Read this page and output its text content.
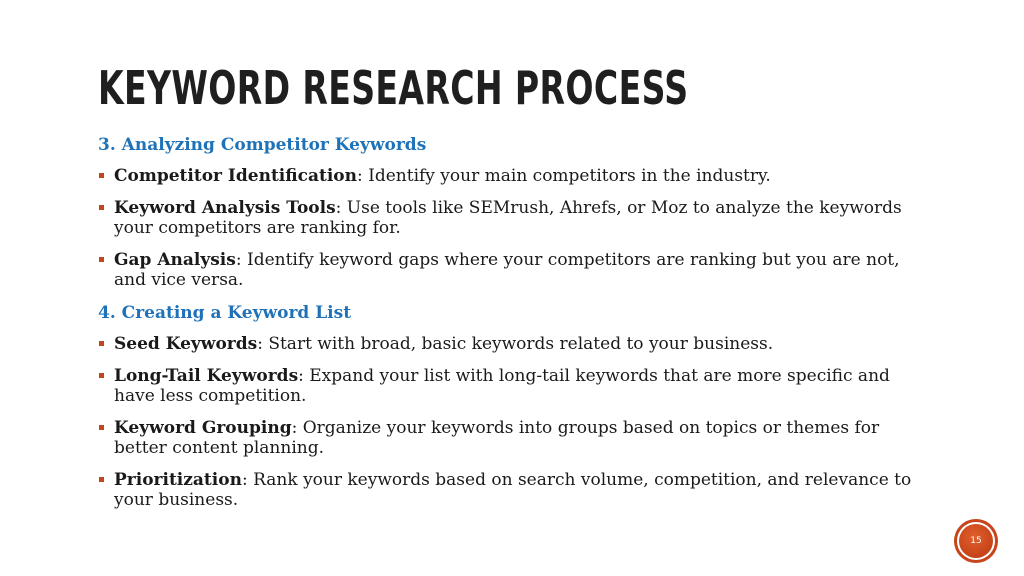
KEYWORD RESEARCH PROCESS
3. Analyzing Competitor Keywords
Competitor Identification: Identify your main competitors in the industry.
Keyword Analysis Tools: Use tools like SEMrush, Ahrefs, or Moz to analyze the keywords your competitors are ranking for.
Gap Analysis: Identify keyword gaps where your competitors are ranking but you are not, and vice versa.
4. Creating a Keyword List
Seed Keywords: Start with broad, basic keywords related to your business.
Long-Tail Keywords: Expand your list with long-tail keywords that are more specific and have less competition.
Keyword Grouping: Organize your keywords into groups based on topics or themes for better content planning.
Prioritization: Rank your keywords based on search volume, competition, and relevance to your business.
15
